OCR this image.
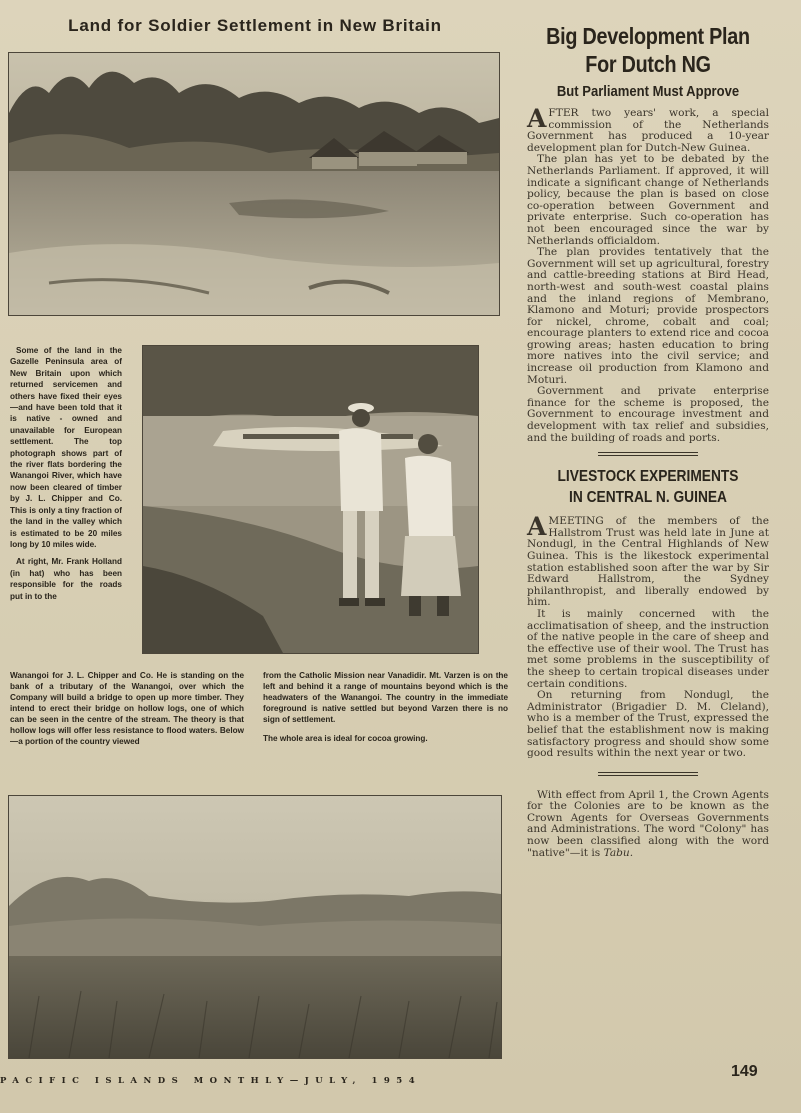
Land for Soldier Settlement in New Britain

Some of the land in the Gazelle Peninsula area of New Britain upon which returned servicemen and others have fixed their eyes—and have been told that it is native - owned and unavailable for European settlement. The top photograph shows part of the river flats bordering the Wanangoi River, which have now been cleared of timber by J. L. Chipper and Co. This is only a tiny fraction of the land in the valley which is estimated to be 20 miles long by 10 miles wide.

At right, Mr. Frank Holland (in hat) who has been responsible for the roads put in to the

Wanangoi for J. L. Chipper and Co. He is standing on the bank of a tributary of the Wanangoi, over which the Company will build a bridge to open up more timber. They intend to erect their bridge on hollow logs, one of which can be seen in the centre of the stream. The theory is that hollow logs will offer less resistance to flood waters. Below—a portion of the country viewed

from the Catholic Mission near Vanadidir. Mt. Varzen is on the left and behind it a range of mountains beyond which is the headwaters of the Wanangoi. The country in the immediate foreground is native settled but beyond Varzen there is no sign of settlement.

The whole area is ideal for cocoa growing.

Big Development Plan
For Dutch NG
But Parliament Must Approve

AFTER two years' work, a special commission of the Netherlands Government has produced a 10-year development plan for Dutch-New Guinea.

The plan has yet to be debated by the Netherlands Parliament. If approved, it will indicate a significant change of Netherlands policy, because the plan is based on close co-operation between Government and private enterprise. Such co-operation has not been encouraged since the war by Netherlands officialdom.

The plan provides tentatively that the Government will set up agricultural, forestry and cattle-breeding stations at Bird Head, north-west and south-west coastal plains and the inland regions of Membrano, Klamono and Moturi; provide prospectors for nickel, chrome, cobalt and coal; encourage planters to extend rice and cocoa growing areas; hasten education to bring more natives into the civil service; and increase oil production from Klamono and Moturi.

Government and private enterprise finance for the scheme is proposed, the Government to encourage investment and development with tax relief and subsidies, and the building of roads and ports.

LIVESTOCK EXPERIMENTS
IN CENTRAL N. GUINEA

AMEETING of the members of the Hallstrom Trust was held late in June at Nondugl, in the Central Highlands of New Guinea. This is the likestock experimental station established soon after the war by Sir Edward Hallstrom, the Sydney philanthropist, and liberally endowed by him.

It is mainly concerned with the acclimatisation of sheep, and the instruction of the native people in the care of sheep and the effective use of their wool. The Trust has met some problems in the susceptibility of the sheep to certain tropical diseases under certain conditions.

On returning from Nondugl, the Administrator (Brigadier D. M. Cleland), who is a member of the Trust, expressed the belief that the establishment now is making satisfactory progress and should show some good results within the next year or two.

With effect from April 1, the Crown Agents for the Colonies are to be known as the Crown Agents for Overseas Governments and Administrations. The word "Colony" has now been classified along with the word "native"—it is Tabu.

PACIFIC ISLANDS MONTHLY—JULY, 1954
149
